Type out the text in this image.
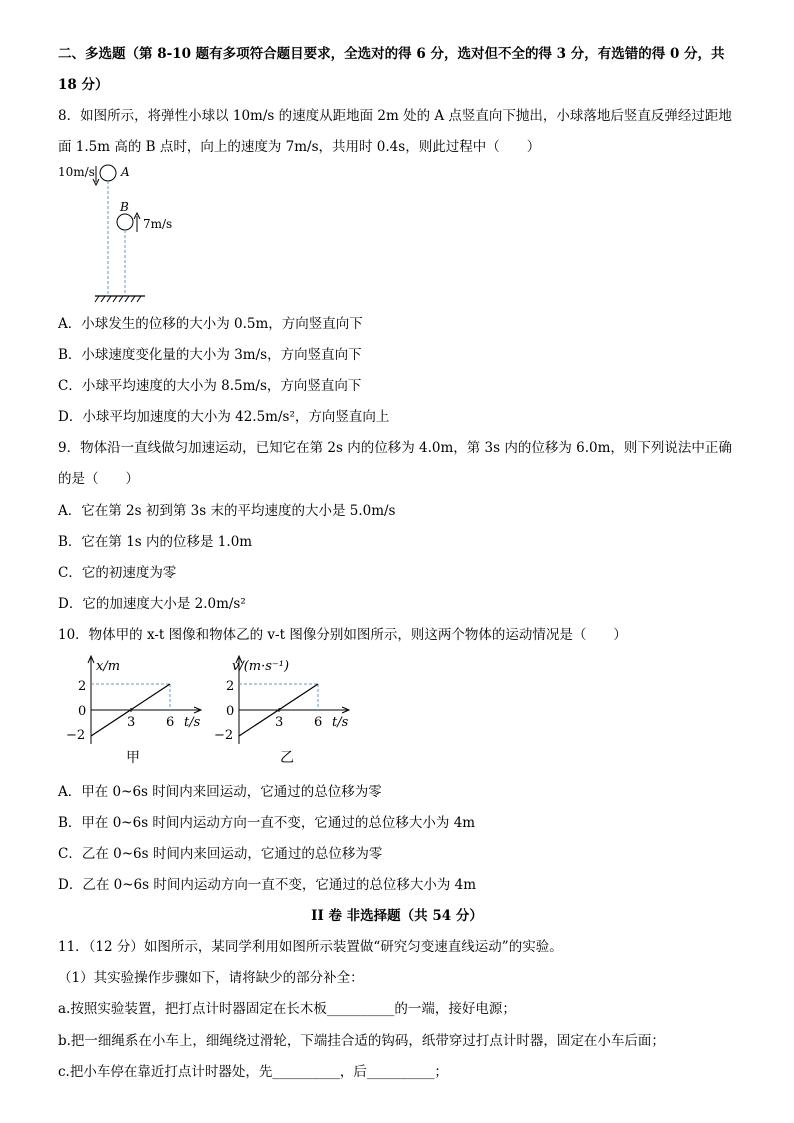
二、多选题（第 8-10 题有多项符合题目要求，全选对的得 6 分，选对但不全的得 3 分，有选错的得 0 分，共
18 分）
8．如图所示，将弹性小球以 10m/s 的速度从距地面 2m 处的 A 点竖直向下抛出，小球落地后竖直反弹经过距地
面 1.5m 高的 B 点时，向上的速度为 7m/s，共用时 0.4s，则此过程中（　　）
10m/s A
B
7m/s
A．小球发生的位移的大小为 0.5m，方向竖直向下
B．小球速度变化量的大小为 3m/s，方向竖直向下
C．小球平均速度的大小为 8.5m/s，方向竖直向下
D．小球平均加速度的大小为 42.5m/s²，方向竖直向上
9．物体沿一直线做匀加速运动，已知它在第 2s 内的位移为 4.0m，第 3s 内的位移为 6.0m，则下列说法中正确
的是（　　）
A．它在第 2s 初到第 3s 末的平均速度的大小是 5.0m/s
B．它在第 1s 内的位移是 1.0m
C．它的初速度为零
D．它的加速度大小是 2.0m/s²
10．物体甲的 x-t 图像和物体乙的 v-t 图像分别如图所示，则这两个物体的运动情况是（　　）
x/m
2
0
−2
3 6 t/s
甲
v/(m·s⁻¹)
2
0
−2
3 6 t/s
乙
A．甲在 0~6s 时间内来回运动，它通过的总位移为零
B．甲在 0~6s 时间内运动方向一直不变，它通过的总位移大小为 4m
C．乙在 0~6s 时间内来回运动，它通过的总位移为零
D．乙在 0~6s 时间内运动方向一直不变，它通过的总位移大小为 4m
II 卷 非选择题（共 54 分）
11．（12 分）如图所示，某同学利用如图所示装置做“研究匀变速直线运动”的实验。
（1）其实验操作步骤如下，请将缺少的部分补全：
a.按照实验装置，把打点计时器固定在长木板__________的一端，接好电源；
b.把一细绳系在小车上，细绳绕过滑轮，下端挂合适的钩码，纸带穿过打点计时器，固定在小车后面；
c.把小车停在靠近打点计时器处，先__________，后__________；
